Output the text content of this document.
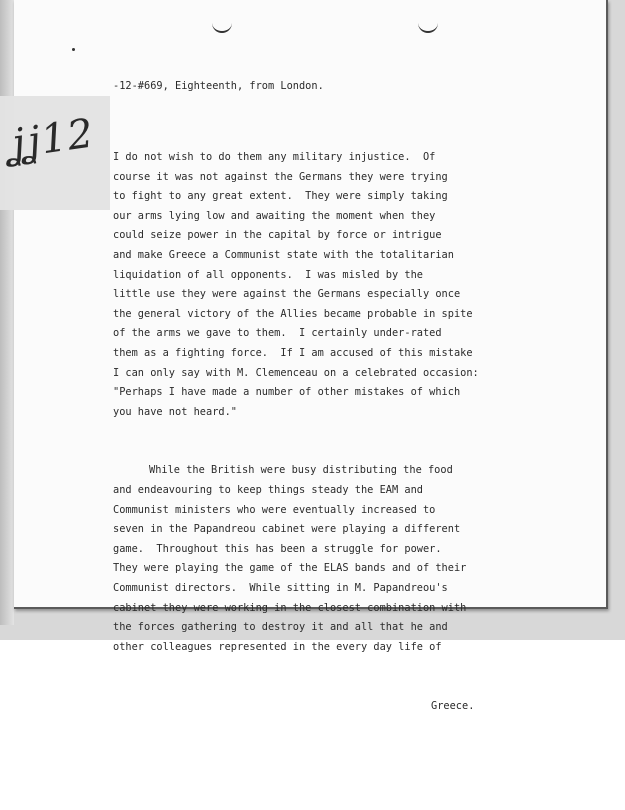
-12-#669, Eighteenth, from London.

I do not wish to do them any military injustice.  Of
course it was not against the Germans they were trying
to fight to any great extent.  They were simply taking
our arms lying low and awaiting the moment when they
could seize power in the capital by force or intrigue
and make Greece a Communist state with the totalitarian
liquidation of all opponents.  I was misled by the
little use they were against the Germans especially once
the general victory of the Allies became probable in spite
of the arms we gave to them.  I certainly under-rated
them as a fighting force.  If I am accused of this mistake
I can only say with M. Clemenceau on a celebrated occasion:
"Perhaps I have made a number of other mistakes of which
you have not heard."

While the British were busy distributing the food
and endeavouring to keep things steady the EAM and
Communist ministers who were eventually increased to
seven in the Papandreou cabinet were playing a different
game.  Throughout this has been a struggle for power.
They were playing the game of the ELAS bands and of their
Communist directors.  While sitting in M. Papandreou's
cabinet they were working in the closest combination with
the forces gathering to destroy it and all that he and
other colleagues represented in the every day life of

Greece.

ʝʝ12
